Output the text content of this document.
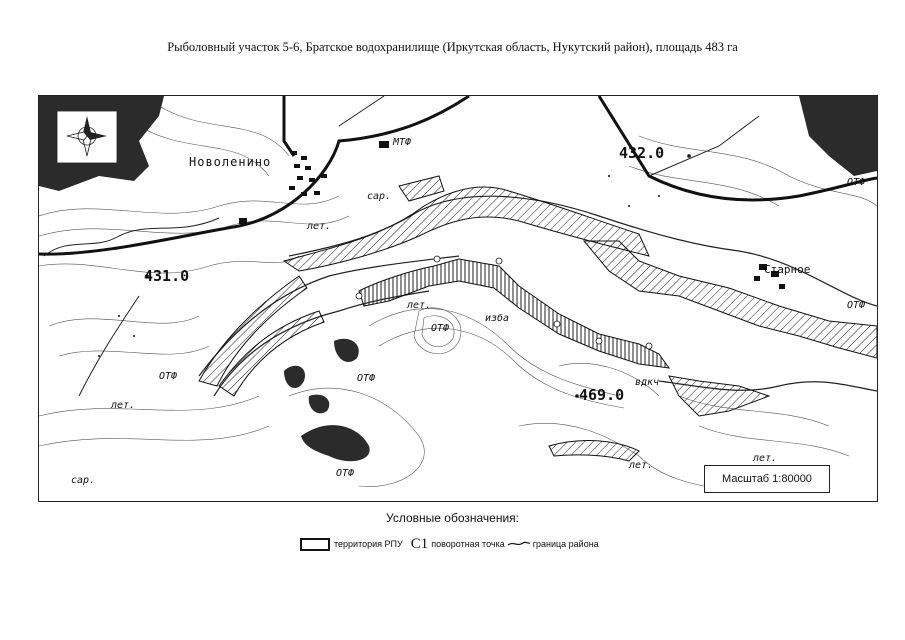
Рыболовный участок 5-6, Братское водохранилище (Иркутская область, Нукутский район), площадь 483 га
Новоленино
Старное
431.0
432.0
469.0
МТФ
ОТФ	ОТФ
ОТФ
ОТФ
ОТФ
ОТФ
лет.
лет.
лет.
лет.
лет.
сар.
сар.
изба
вдкч
Масштаб 1:80000
Условные обозначения:
территория РПУ C1 поворотная точка	граница района
